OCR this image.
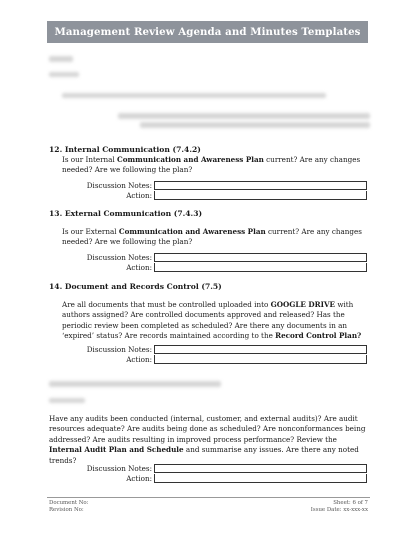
Management Review Agenda and Minutes Templates
12. Internal Communication (7.4.2)
Is our Internal Communication and Awareness Plan current? Are any changes needed? Are we following the plan?
Discussion Notes:
Action:
13. External Communication (7.4.3)
Is our External Communication and Awareness Plan current? Are any changes needed? Are we following the plan?
Discussion Notes:
Action:
14. Document and Records Control (7.5)
Are all documents that must be controlled uploaded into GOOGLE DRIVE with authors assigned? Are controlled documents approved and released? Has the periodic review been completed as scheduled? Are there any documents in an ‘expired’ status? Are records maintained according to the Record Control Plan?
Discussion Notes:
Action:
Have any audits been conducted (internal, customer, and external audits)? Are audit resources adequate? Are audits being done as scheduled? Are nonconformances being addressed? Are audits resulting in improved process performance? Review the Internal Audit Plan and Schedule and summarise any issues. Are there any noted trends?
Discussion Notes:
Action:
Document No:
Revision No:
Sheet: 6 of 7
Issue Date: xx-xxx-xx
